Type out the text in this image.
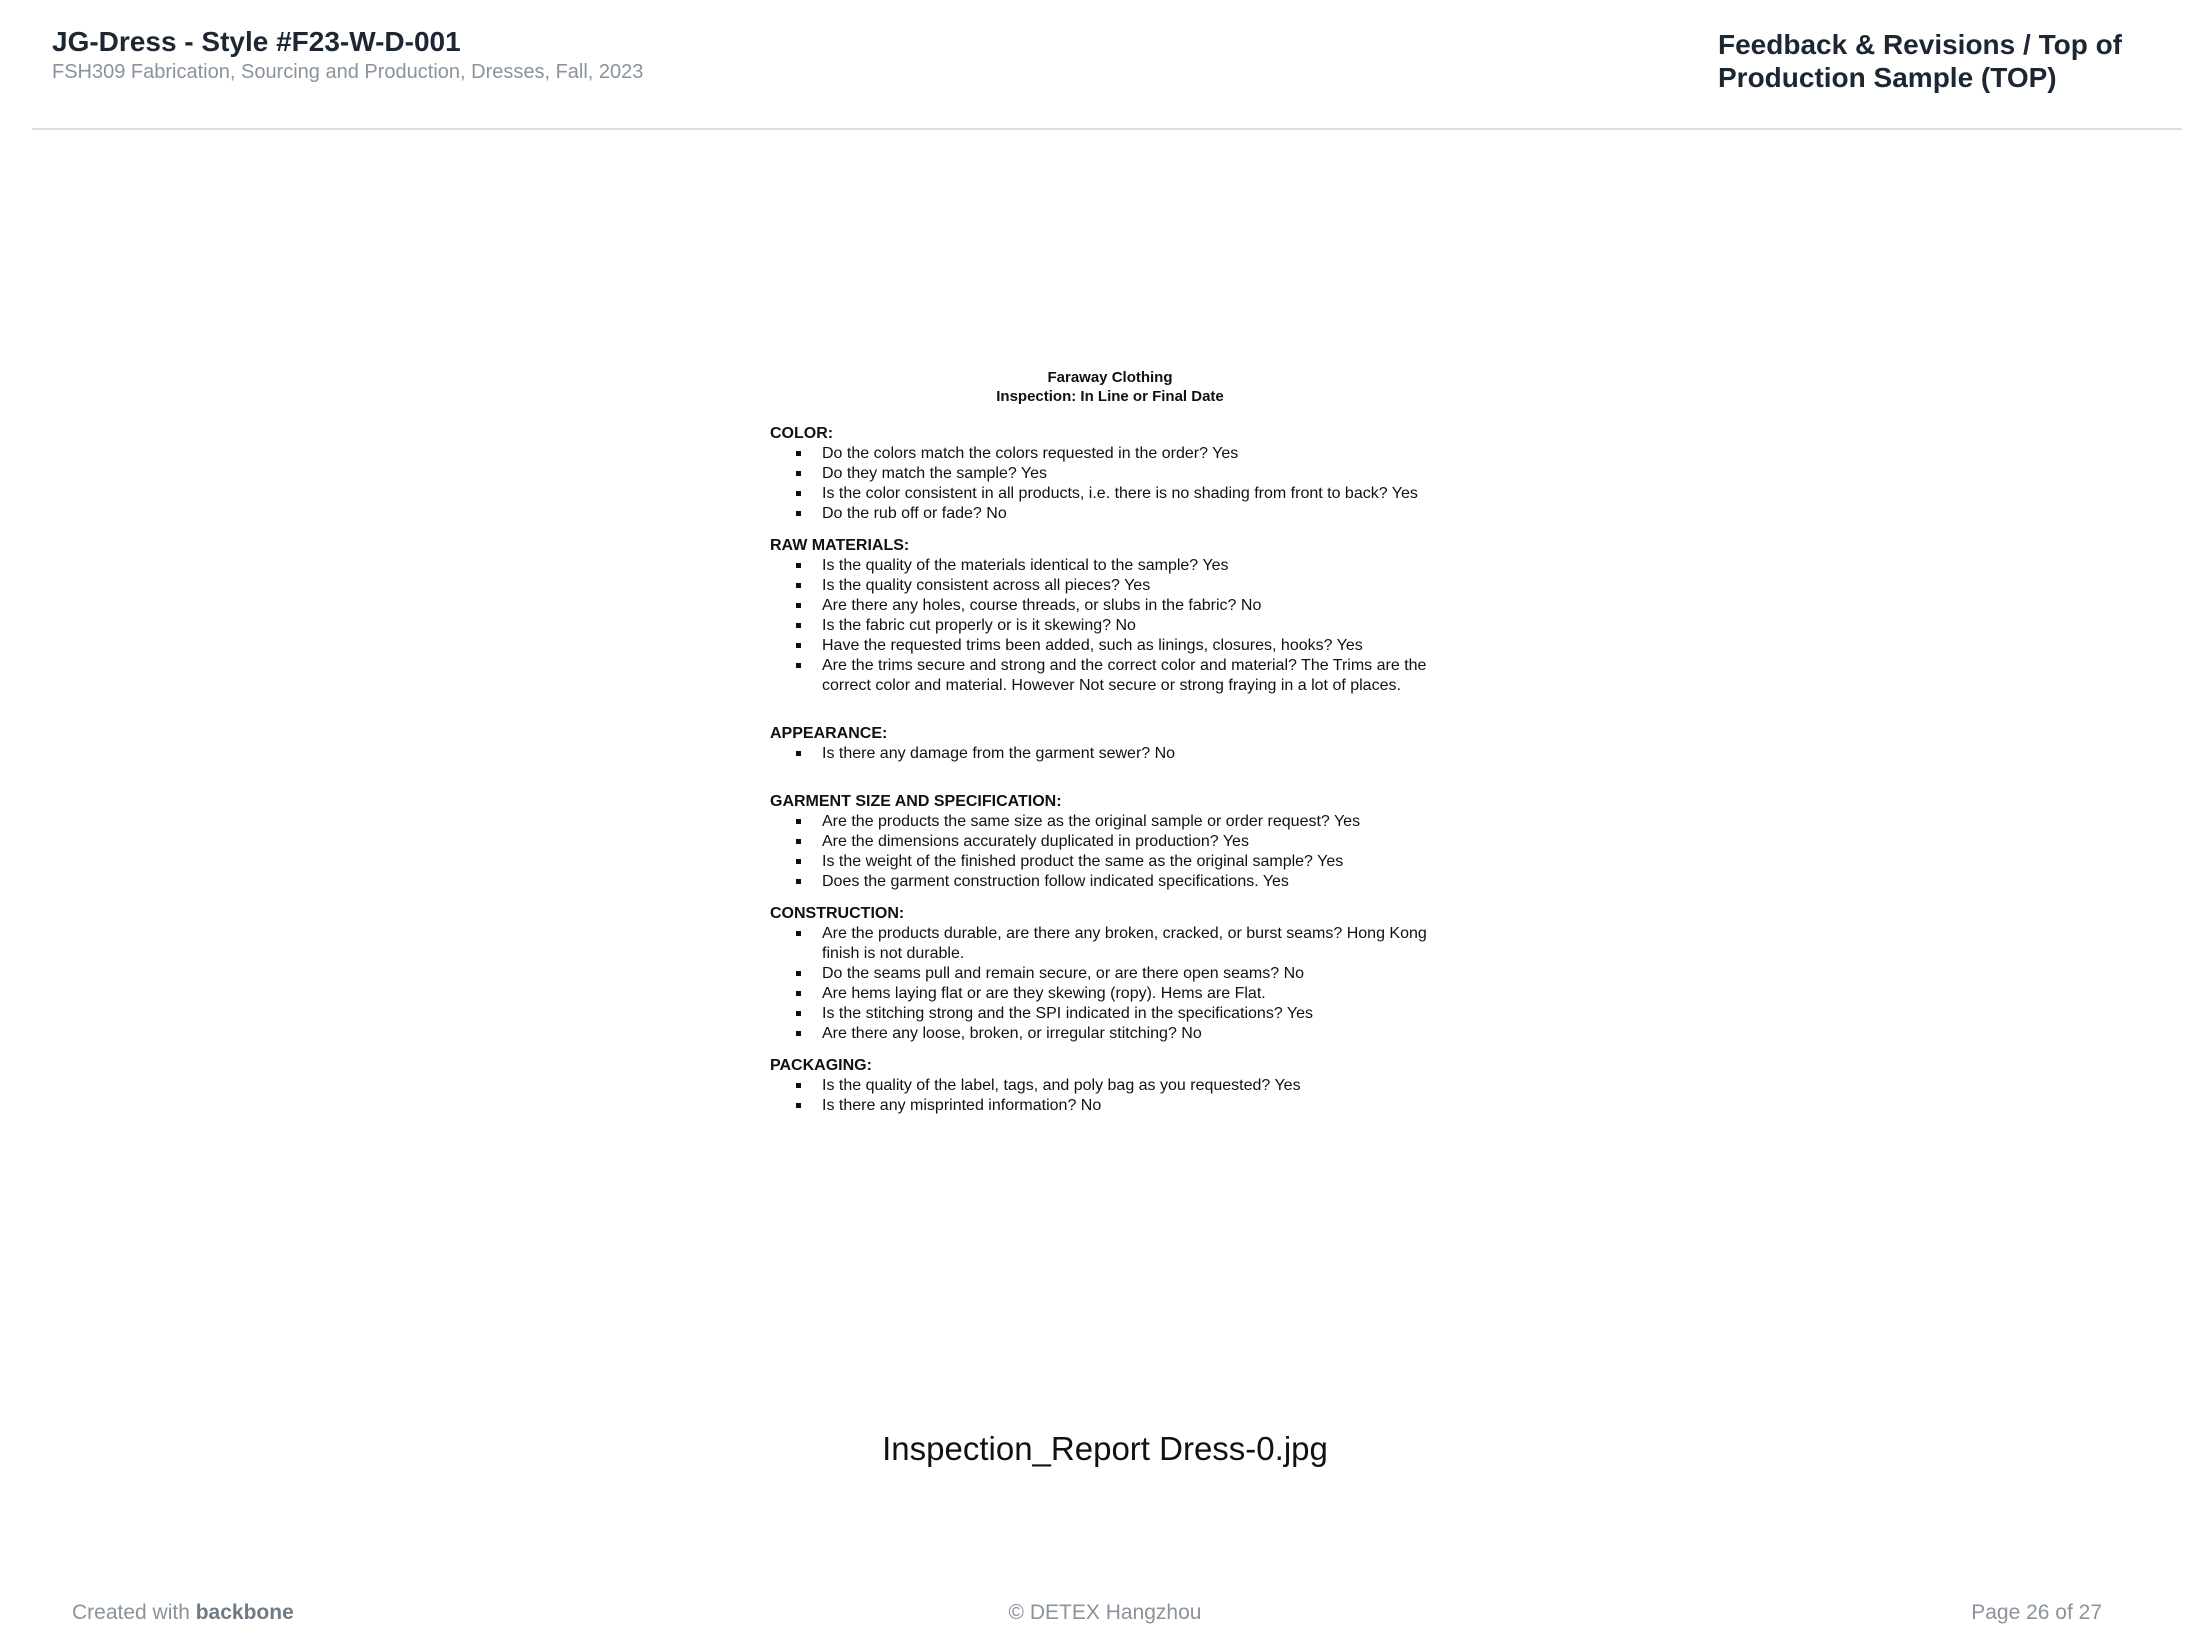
JG-Dress - Style #F23-W-D-001
FSH309 Fabrication, Sourcing and Production, Dresses, Fall, 2023
Feedback & Revisions / Top of
Production Sample (TOP)
Faraway Clothing
Inspection: In Line or Final Date
COLOR:
Do the colors match the colors requested in the order? Yes
Do they match the sample? Yes
Is the color consistent in all products, i.e. there is no shading from front to back? Yes
Do the rub off or fade? No
RAW MATERIALS:
Is the quality of the materials identical to the sample? Yes
Is the quality consistent across all pieces? Yes
Are there any holes, course threads, or slubs in the fabric? No
Is the fabric cut properly or is it skewing? No
Have the requested trims been added, such as linings, closures, hooks? Yes
Are the trims secure and strong and the correct color and material? The Trims are the correct color and material. However Not secure or strong fraying in a lot of places.
APPEARANCE:
Is there any damage from the garment sewer? No
GARMENT SIZE AND SPECIFICATION:
Are the products the same size as the original sample or order request? Yes
Are the dimensions accurately duplicated in production? Yes
Is the weight of the finished product the same as the original sample? Yes
Does the garment construction follow indicated specifications. Yes
CONSTRUCTION:
Are the products durable, are there any broken, cracked, or burst seams? Hong Kong finish is not durable.
Do the seams pull and remain secure, or are there open seams? No
Are hems laying flat or are they skewing (ropy). Hems are Flat.
Is the stitching strong and the SPI indicated in the specifications? Yes
Are there any loose, broken, or irregular stitching? No
PACKAGING:
Is the quality of the label, tags, and poly bag as you requested? Yes
Is there any misprinted information? No
Inspection_Report Dress-0.jpg
Created with backbone	© DETEX Hangzhou	Page 26 of 27
